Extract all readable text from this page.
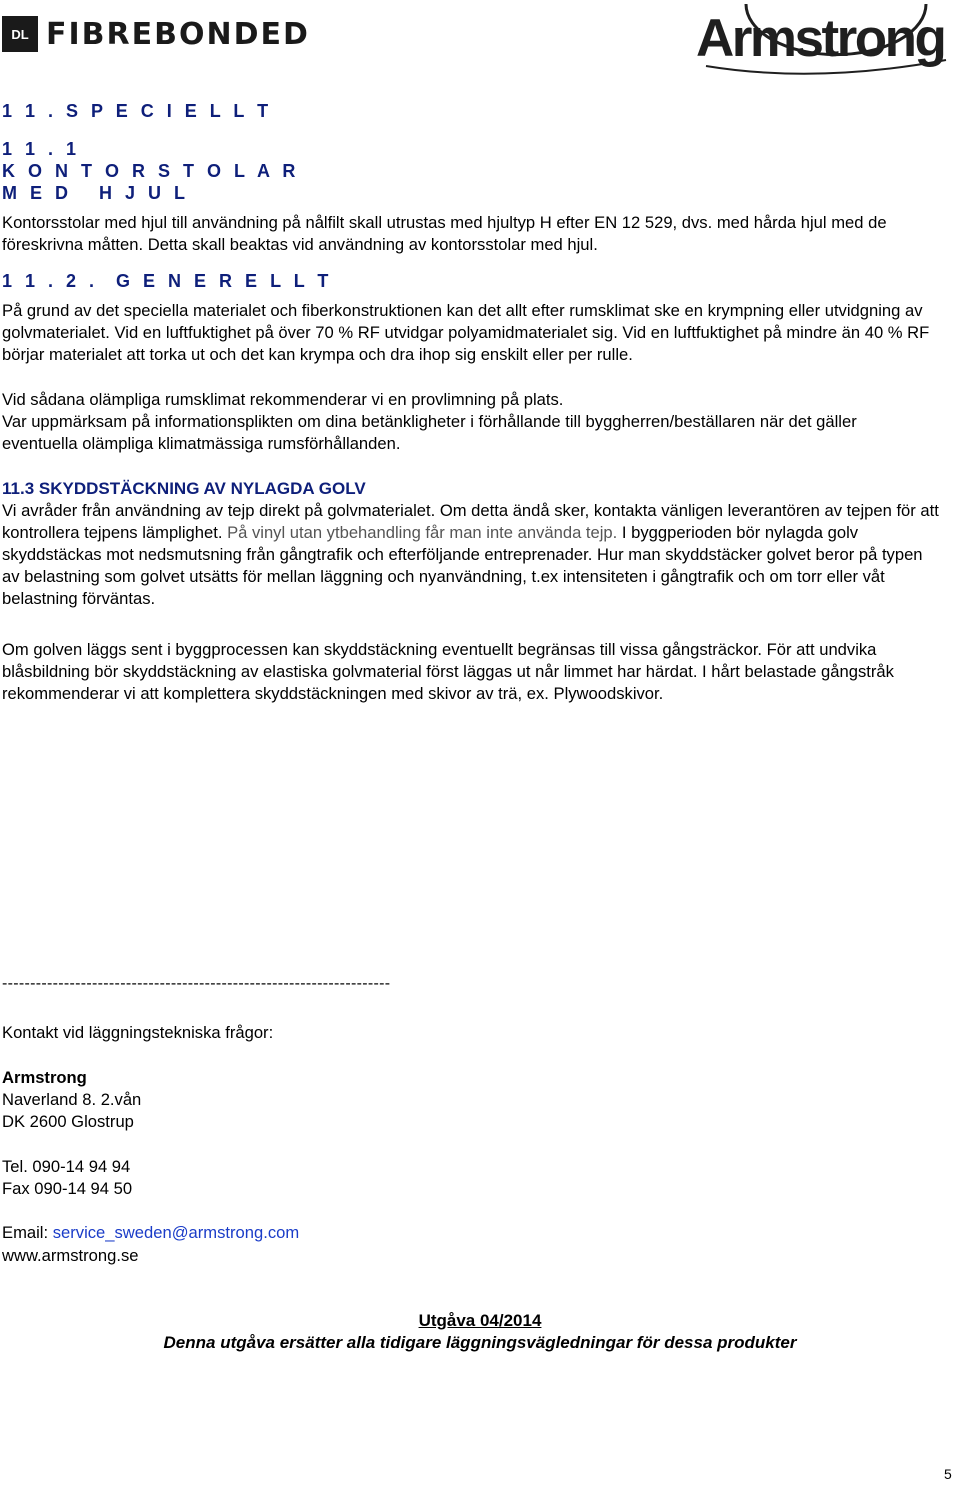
DL FIBREBONDED	Armstrong
1 1 . S P E C I E L L T
1 1 . 1
K O N T O R S T O L A R
M E D   H J U L
Kontorsstolar med hjul till användning på nålfilt skall utrustas med hjultyp H efter EN 12 529, dvs. med hårda hjul med de föreskrivna måtten. Detta skall beaktas vid användning av kontorsstolar med hjul.
1 1 . 2 .  G E N E R E L L T
På grund av det speciella materialet och fiberkonstruktionen kan det allt efter rumsklimat ske en krympning eller utvidgning av golvmaterialet. Vid en luftfuktighet på över 70 % RF utvidgar polyamidmaterialet sig. Vid en luftfuktighet på mindre än 40 % RF börjar materialet att torka ut och det kan krympa och dra ihop sig enskilt eller per rulle.
Vid sådana olämpliga rumsklimat rekommenderar vi en provlimning på plats.
Var uppmärksam på informationsplikten om dina betänkligheter i förhållande till byggherren/beställaren när det gäller eventuella olämpliga klimatmässiga rumsförhållanden.
11.3 SKYDDSTÄCKNING AV NYLAGDA GOLV
Vi avråder från användning av tejp direkt på golvmaterialet. Om detta ändå sker, kontakta vänligen leverantören av tejpen för att kontrollera tejpens lämplighet. På vinyl utan ytbehandling får man inte använda tejp. I byggperioden bör nylagda golv skyddstäckas mot nedsmutsning från gångtrafik och efterföljande entreprenader. Hur man skyddstäcker golvet beror på typen av belastning som golvet utsätts för mellan läggning och nyanvändning, t.ex intensiteten i gångtrafik och om torr eller våt belastning förväntas.
Om golven läggs sent i byggprocessen kan skyddstäckning eventuellt begränsas till vissa gångsträckor. För att undvika blåsbildning bör skyddstäckning av elastiska golvmaterial först läggas ut når limmet har härdat. I hårt belastade gångstråk rekommenderar vi att komplettera skyddstäckningen med skivor av trä, ex. Plywoodskivor.
---------------------------------------------------------------------
Kontakt vid läggningstekniska frågor:
Armstrong
Naverland 8. 2.vån
DK 2600 Glostrup
Tel. 090-14 94 94
Fax 090-14 94 50
Email: service_sweden@armstrong.com
www.armstrong.se
Utgåva 04/2014
Denna utgåva ersätter alla tidigare läggningsvägledningar för dessa produkter
5
